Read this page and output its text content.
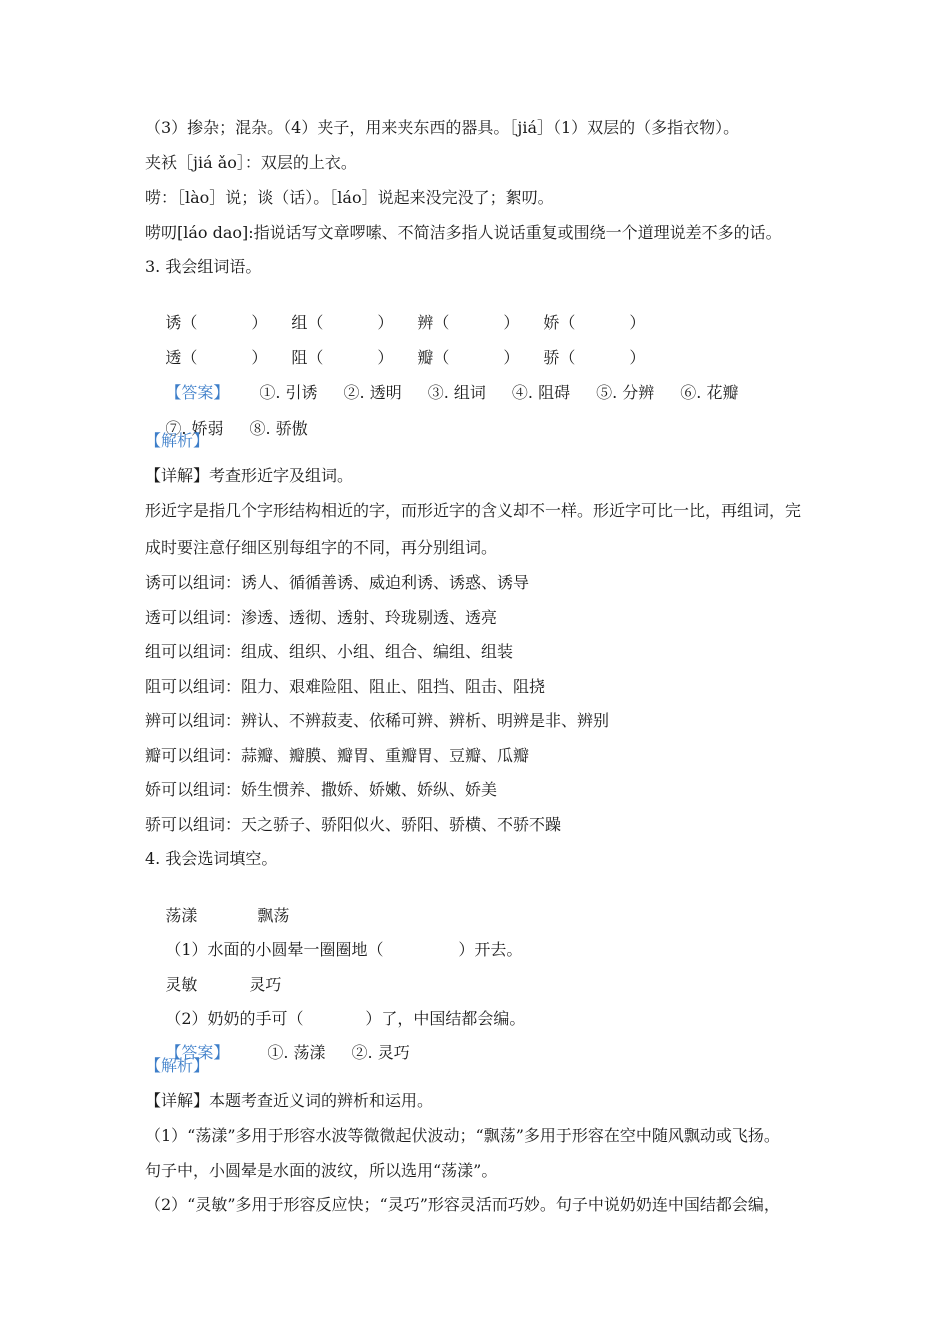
（3）掺杂；混杂。（4）夹子，用来夹东西的器具。［jiá］（1）双层的（多指衣物）。
夹袄［jiá ǎo］：双层的上衣。
唠：［lào］说；谈（话）。［láo］说起来没完没了；絮叨。
唠叨[láo dao]:指说话写文章啰嗦、不简洁多指人说话重复或围绕一个道理说差不多的话。
3. 我会组词语。

诱（	） 组（	） 辨（	） 娇（	）

透（	） 阻（	） 瓣（	） 骄（	）

【答案】 ①. 引诱 ②. 透明 ③. 组词 ④. 阻碍 ⑤. 分辨 ⑥. 花瓣

⑦. 娇弱 ⑧. 骄傲

【解析】
【详解】考查形近字及组词。
形近字是指几个字形结构相近的字，而形近字的含义却不一样。形近字可比一比，再组词，完
成时要注意仔细区别每组字的不同，再分别组词。
诱可以组词：诱人、循循善诱、威迫利诱、诱惑、诱导
透可以组词：渗透、透彻、透射、玲珑剔透、透亮
组可以组词：组成、组织、小组、组合、编组、组装
阻可以组词：阻力、艰难险阻、阻止、阻挡、阻击、阻挠
辨可以组词：辨认、不辨菽麦、依稀可辨、辨析、明辨是非、辨别
瓣可以组词：蒜瓣、瓣膜、瓣胃、重瓣胃、豆瓣、瓜瓣
娇可以组词：娇生惯养、撒娇、娇嫩、娇纵、娇美
骄可以组词：天之骄子、骄阳似火、骄阳、骄横、不骄不躁
4. 我会选词填空。

荡漾	飘荡

（1）水面的小圆晕一圈圈地（	）开去。

灵敏	灵巧

（2）奶奶的手可（	）了，中国结都会编。

【答案】 ①. 荡漾 ②. 灵巧

【解析】
【详解】本题考查近义词的辨析和运用。
（1）“荡漾”多用于形容水波等微微起伏波动；“飘荡”多用于形容在空中随风飘动或飞扬。
句子中，小圆晕是水面的波纹，所以选用“荡漾”。
（2）“灵敏”多用于形容反应快；“灵巧”形容灵活而巧妙。句子中说奶奶连中国结都会编，
